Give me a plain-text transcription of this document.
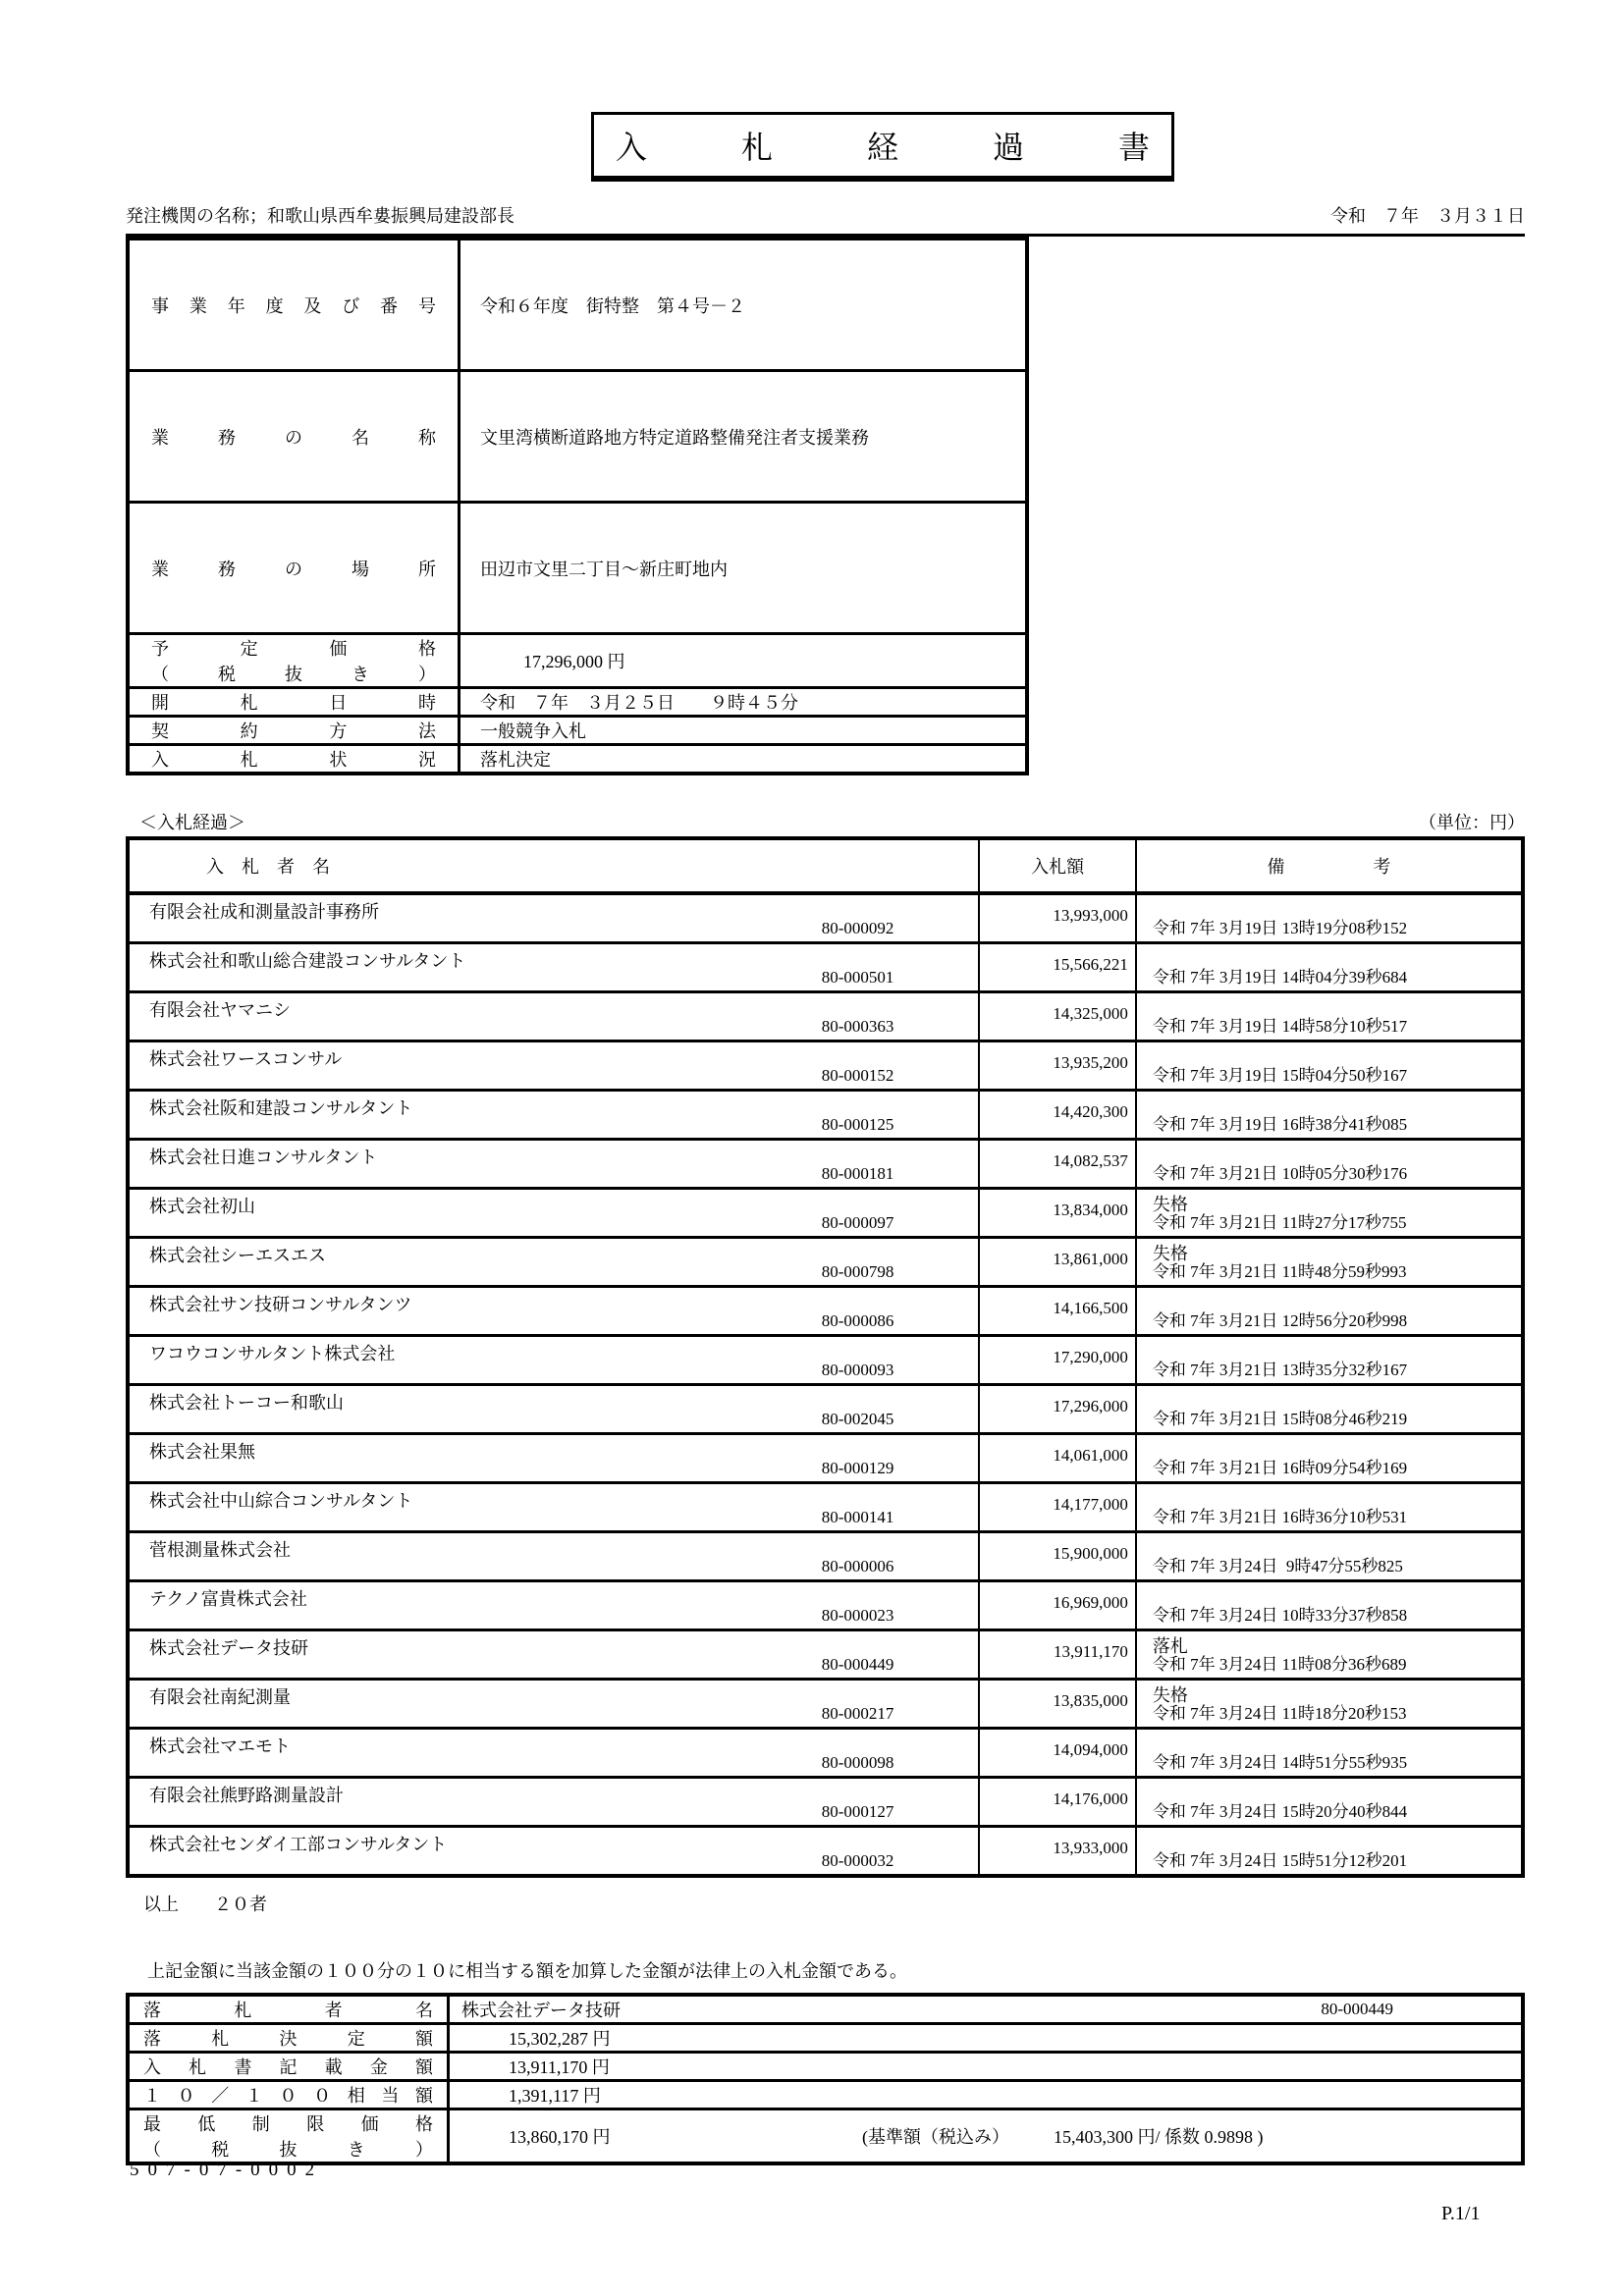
入　　　札　　　経　　　過　　　書
発注機関の名称；和歌山県西牟婁振興局建設部長	令和　７年　３月３１日
事 業 年 度 及 び 番 号	令和６年度　街特整　第４号－２

業 務 の 名 称	文里湾横断道路地方特定道路整備発注者支援業務

業 務 の 場 所	田辺市文里二丁目～新庄町地内

予 定 価 格
（ 税 抜 き ）	17,296,000 円

開 札 日 時	令和　７年　３月２５日　　９時４５分

契 約 方 法	一般競争入札

入 札 状 況	落札決定
＜入札経過＞	（単位：円）
入　札　者　名	入札額	備　　　　　考

有限会社成和測量設計事務所
80-000092	13,993,000	令和 7年 3月19日 13時19分08秒152

株式会社和歌山総合建設コンサルタント
80-000501	15,566,221	令和 7年 3月19日 14時04分39秒684

有限会社ヤマニシ
80-000363	14,325,000	令和 7年 3月19日 14時58分10秒517

株式会社ワースコンサル
80-000152	13,935,200	令和 7年 3月19日 15時04分50秒167

株式会社阪和建設コンサルタント
80-000125	14,420,300	令和 7年 3月19日 16時38分41秒085

株式会社日進コンサルタント
80-000181	14,082,537	令和 7年 3月21日 10時05分30秒176

株式会社初山
80-000097	13,834,000	失格
令和 7年 3月21日 11時27分17秒755

株式会社シーエスエス
80-000798	13,861,000	失格
令和 7年 3月21日 11時48分59秒993

株式会社サン技研コンサルタンツ
80-000086	14,166,500	令和 7年 3月21日 12時56分20秒998

ワコウコンサルタント株式会社
80-000093	17,290,000	令和 7年 3月21日 13時35分32秒167

株式会社トーコー和歌山
80-002045	17,296,000	令和 7年 3月21日 15時08分46秒219

株式会社果無
80-000129	14,061,000	令和 7年 3月21日 16時09分54秒169

株式会社中山綜合コンサルタント
80-000141	14,177,000	令和 7年 3月21日 16時36分10秒531

菅根測量株式会社
80-000006	15,900,000	令和 7年 3月24日  9時47分55秒825

テクノ富貴株式会社
80-000023	16,969,000	令和 7年 3月24日 10時33分37秒858

株式会社データ技研
80-000449	13,911,170	落札
令和 7年 3月24日 11時08分36秒689

有限会社南紀測量
80-000217	13,835,000	失格
令和 7年 3月24日 11時18分20秒153

株式会社マエモト
80-000098	14,094,000	令和 7年 3月24日 14時51分55秒935

有限会社熊野路測量設計
80-000127	14,176,000	令和 7年 3月24日 15時20分40秒844

株式会社センダイ工部コンサルタント
80-000032	13,933,000	令和 7年 3月24日 15時51分12秒201
以上　　２０者
上記金額に当該金額の１００分の１０に相当する額を加算した金額が法律上の入札金額である。
落 札 者 名	株式会社データ技研 80-000449

落 札 決 定 額	15,302,287 円

入 札 書 記 載 金 額	13,911,170 円

１ ０ ／ １ ０ ０ 相 当 額	1,391,117 円

最 低 制 限 価 格
（ 税 抜 き ）
	13,860,170 円	(基準額（税込み）　　　15,403,300 円/ 係数 0.9898 )
507-07-0002
P.1/1
